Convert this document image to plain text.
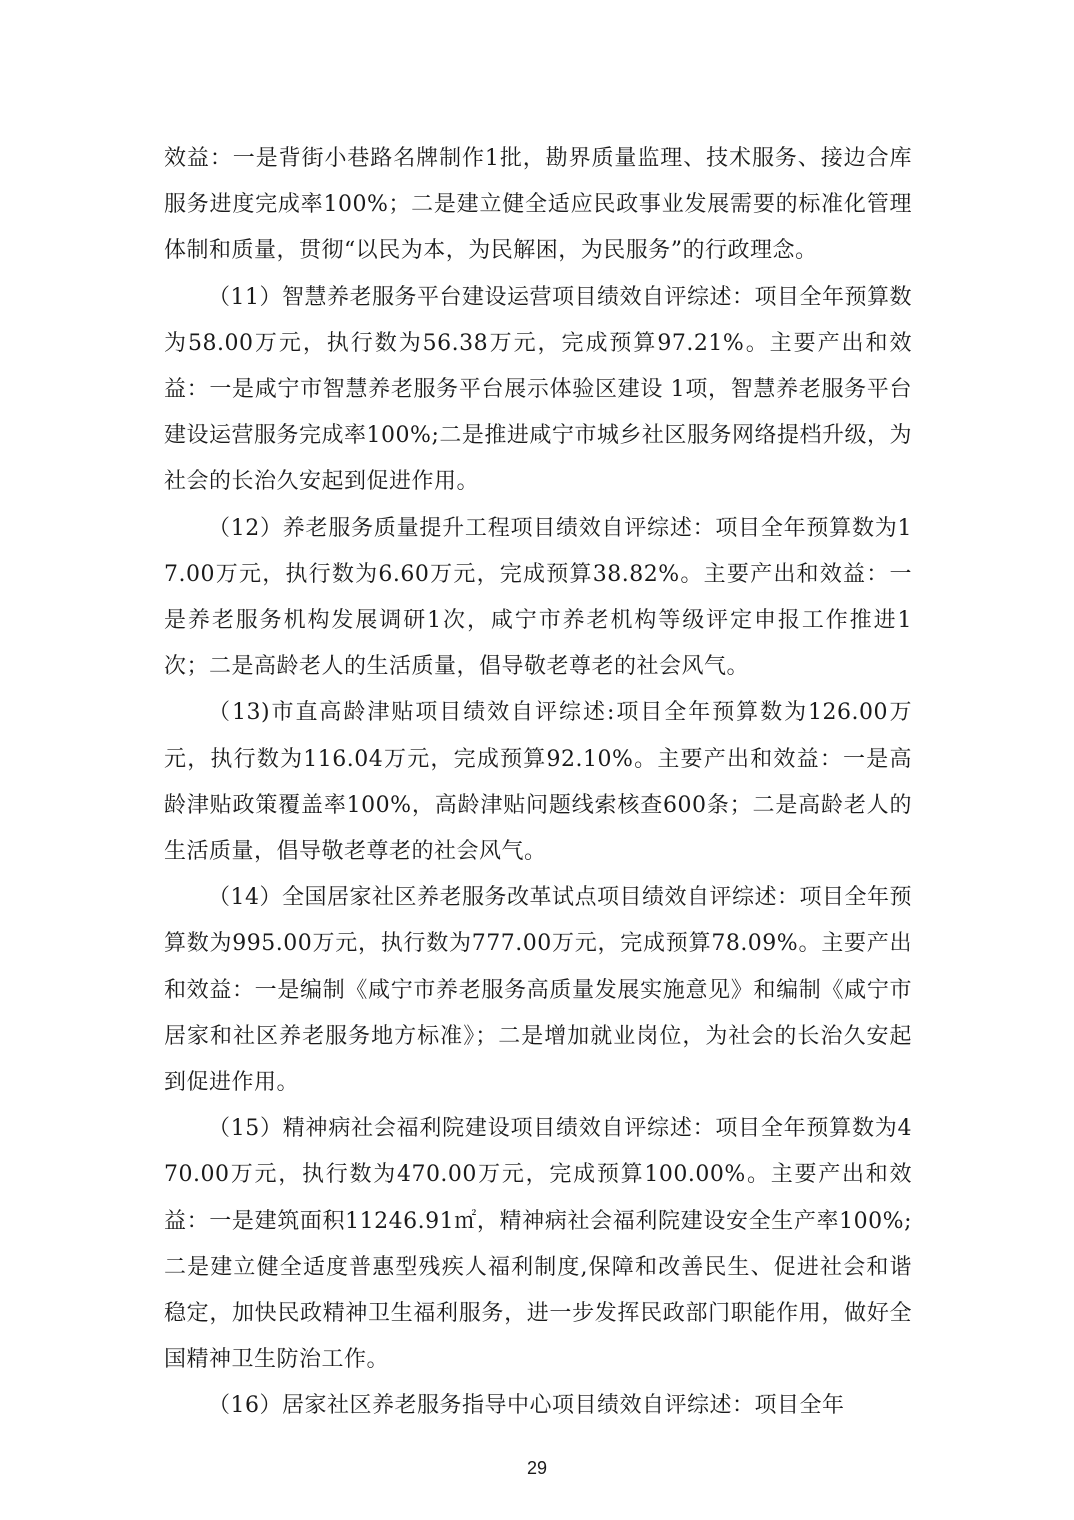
效益：一是背街小巷路名牌制作1批，勘界质量监理、技术服务、接边合库服务进度完成率100%；二是建立健全适应民政事业发展需要的标准化管理体制和质量，贯彻“以民为本，为民解困，为民服务”的行政理念。

（11）智慧养老服务平台建设运营项目绩效自评综述：项目全年预算数为58.00万元，执行数为56.38万元，完成预算97.21%。主要产出和效益：一是咸宁市智慧养老服务平台展示体验区建设 1项，智慧养老服务平台建设运营服务完成率100%;二是推进咸宁市城乡社区服务网络提档升级，为社会的长治久安起到促进作用。

（12）养老服务质量提升工程项目绩效自评综述：项目全年预算数为17.00万元，执行数为6.60万元，完成预算38.82%。主要产出和效益：一是养老服务机构发展调研1次，咸宁市养老机构等级评定申报工作推进1次；二是高龄老人的生活质量，倡导敬老尊老的社会风气。

（13)市直高龄津贴项目绩效自评综述:项目全年预算数为126.00万元，执行数为116.04万元，完成预算92.10%。主要产出和效益：一是高龄津贴政策覆盖率100%，高龄津贴问题线索核查600条；二是高龄老人的生活质量，倡导敬老尊老的社会风气。

（14）全国居家社区养老服务改革试点项目绩效自评综述：项目全年预算数为995.00万元，执行数为777.00万元，完成预算78.09%。主要产出和效益：一是编制《咸宁市养老服务高质量发展实施意见》和编制《咸宁市居家和社区养老服务地方标准》；二是增加就业岗位，为社会的长治久安起到促进作用。

（15）精神病社会福利院建设项目绩效自评综述：项目全年预算数为470.00万元，执行数为470.00万元，完成预算100.00%。主要产出和效益：一是建筑面积11246.91㎡，精神病社会福利院建设安全生产率100%;二是建立健全适度普惠型残疾人福利制度,保障和改善民生、促进社会和谐稳定，加快民政精神卫生福利服务，进一步发挥民政部门职能作用，做好全国精神卫生防治工作。

（16）居家社区养老服务指导中心项目绩效自评综述：项目全年

29
